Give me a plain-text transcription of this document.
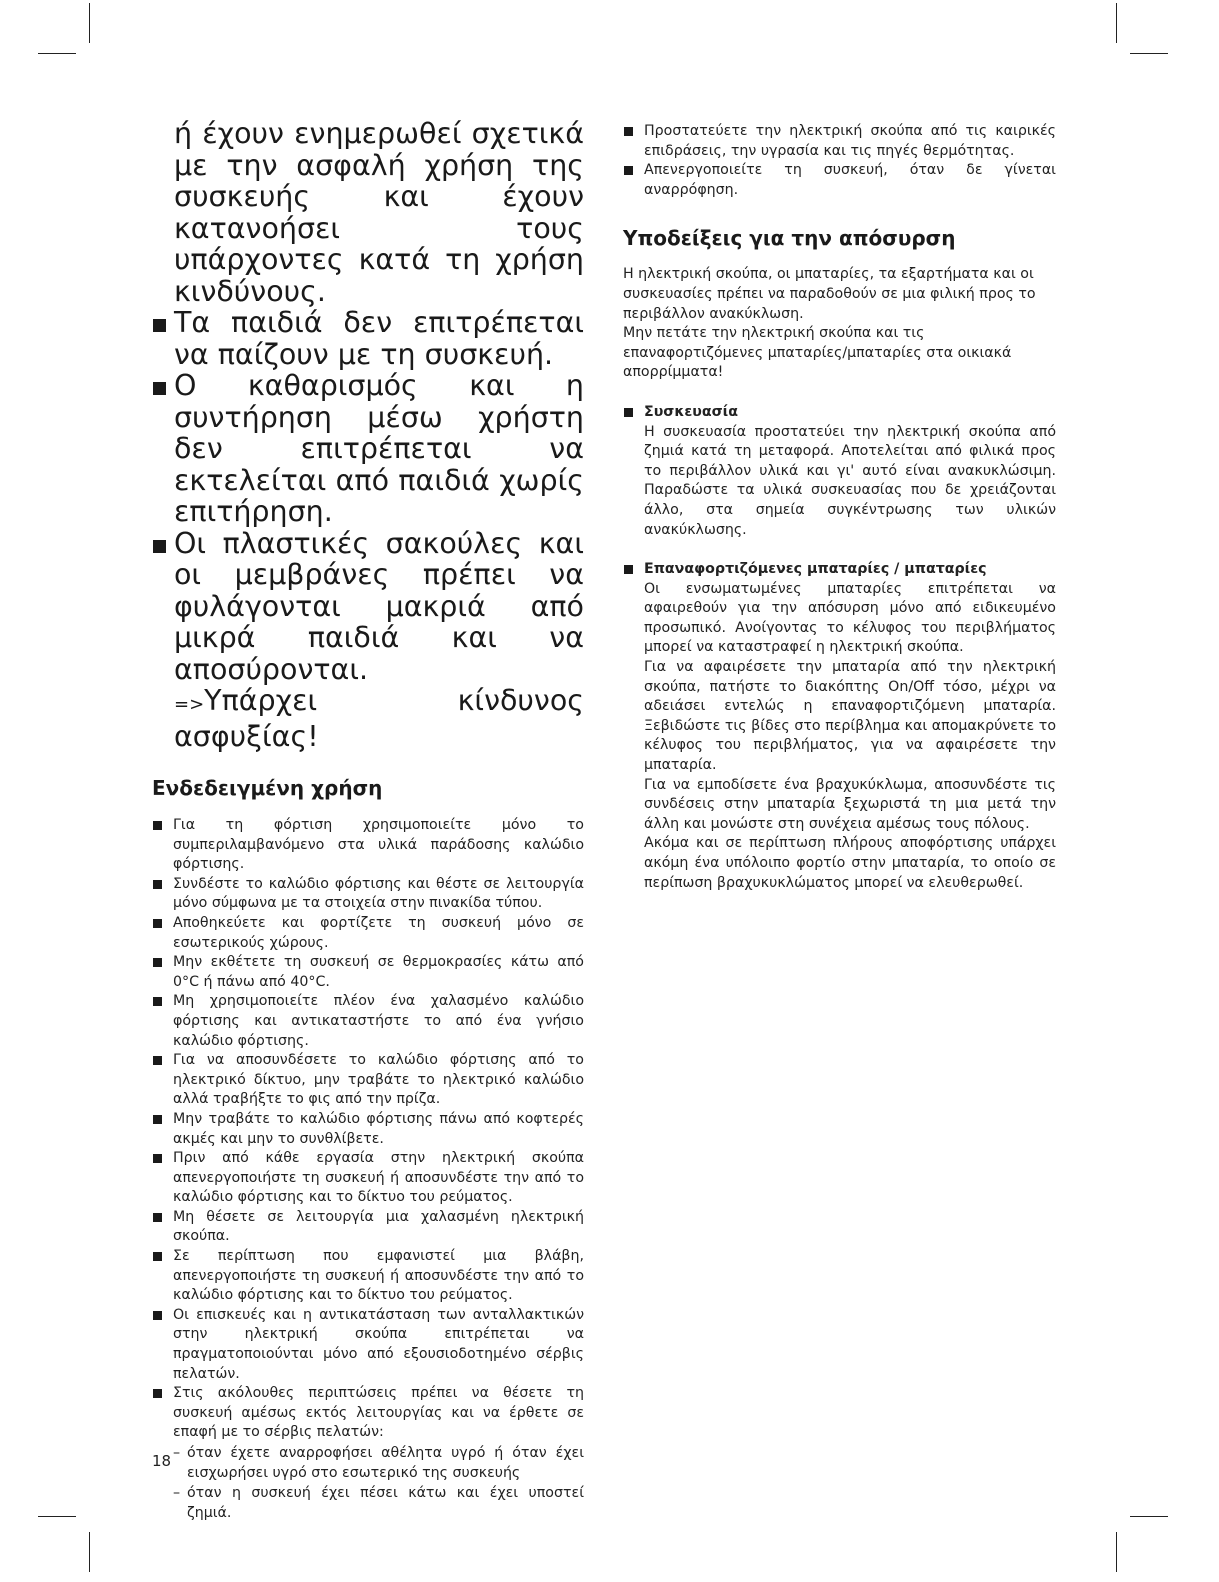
ή έχουν ενημερωθεί σχετικά με την ασφαλή χρήση της συσκευής και έχουν κατανοήσει τους υπάρχοντες κατά τη χρήση κινδύνους.
Τα παιδιά δεν επιτρέπεται να παίζουν με τη συσκευή.
Ο καθαρισμός και η συντήρηση μέσω χρήστη δεν επιτρέπεται να εκτελείται από παιδιά χωρίς επιτήρηση.
Οι πλαστικές σακούλες και οι μεμβράνες πρέπει να φυλάγονται μακριά από μικρά παιδιά και να αποσύρονται.
=>Υπάρχει κίνδυνος ασφυξίας!
Ενδεδειγμένη χρήση
Για τη φόρτιση χρησιμοποιείτε μόνο το συμπεριλαμβανόμενο στα υλικά παράδοσης καλώδιο φόρτισης.
Συνδέστε το καλώδιο φόρτισης και θέστε σε λειτουργία μόνο σύμφωνα με τα στοιχεία στην πινακίδα τύπου.
Αποθηκεύετε και φορτίζετε τη συσκευή μόνο σε εσωτερικούς χώρους.
Μην εκθέτετε τη συσκευή σε θερμοκρασίες κάτω από 0°C ή πάνω από 40°C.
Μη χρησιμοποιείτε πλέον ένα χαλασμένο καλώδιο φόρτισης και αντικαταστήστε το από ένα γνήσιο καλώδιο φόρτισης.
Για να αποσυνδέσετε το καλώδιο φόρτισης από το ηλεκτρικό δίκτυο, μην τραβάτε το ηλεκτρικό καλώδιο αλλά τραβήξτε το φις από την πρίζα.
Μην τραβάτε το καλώδιο φόρτισης πάνω από κοφτερές ακμές και μην το συνθλίβετε.
Πριν από κάθε εργασία στην ηλεκτρική σκούπα απενεργοποιήστε τη συσκευή ή αποσυνδέστε την από το καλώδιο φόρτισης και το δίκτυο του ρεύματος.
Μη θέσετε σε λειτουργία μια χαλασμένη ηλεκτρική σκούπα.
Σε περίπτωση που εμφανιστεί μια βλάβη, απενεργοποιήστε τη συσκευή ή αποσυνδέστε την από το καλώδιο φόρτισης και το δίκτυο του ρεύματος.
Οι επισκευές και η αντικατάσταση των ανταλλακτικών στην ηλεκτρική σκούπα επιτρέπεται να πραγματοποιούνται μόνο από εξουσιοδοτημένο σέρβις πελατών.
Στις ακόλουθες περιπτώσεις πρέπει να θέσετε τη συσκευή αμέσως εκτός λειτουργίας και να έρθετε σε επαφή με το σέρβις πελατών:
– όταν έχετε αναρροφήσει αθέλητα υγρό ή όταν έχει εισχωρήσει υγρό στο εσωτερικό της συσκευής
– όταν η συσκευή έχει πέσει κάτω και έχει υποστεί ζημιά.
Προστατεύετε την ηλεκτρική σκούπα από τις καιρικές επιδράσεις, την υγρασία και τις πηγές θερμότητας.
Απενεργοποιείτε τη συσκευή, όταν δε γίνεται αναρρόφηση.
Υποδείξεις για την απόσυρση

Η ηλεκτρική σκούπα, οι μπαταρίες, τα εξαρτήματα και οι συσκευασίες πρέπει να παραδοθούν σε μια φιλική προς το περιβάλλον ανακύκλωση.

Μην πετάτε την ηλεκτρική σκούπα και τις επαναφορτιζόμενες μπαταρίες/μπαταρίες στα οικιακά απορρίμματα!

Συσκευασία
Η συσκευασία προστατεύει την ηλεκτρική σκούπα από ζημιά κατά τη μεταφορά. Αποτελείται από φιλικά προς το περιβάλλον υλικά και γι' αυτό είναι ανακυκλώσιμη. Παραδώστε τα υλικά συσκευασίας που δε χρειάζονται άλλο, στα σημεία συγκέντρωσης των υλικών ανακύκλωσης.
Επαναφορτιζόμενες μπαταρίες / μπαταρίες
Οι ενσωματωμένες μπαταρίες επιτρέπεται να αφαιρεθούν για την απόσυρση μόνο από ειδικευμένο προσωπικό. Ανοίγοντας το κέλυφος του περιβλήματος μπορεί να καταστραφεί η ηλεκτρική σκούπα.
Για να αφαιρέσετε την μπαταρία από την ηλεκτρική σκούπα, πατήστε το διακόπτης On/Off τόσο, μέχρι να αδειάσει εντελώς η επαναφορτιζόμενη μπαταρία. Ξεβιδώστε τις βίδες στο περίβλημα και απομακρύνετε το κέλυφος του περιβλήματος, για να αφαιρέσετε την μπαταρία.
Για να εμποδίσετε ένα βραχυκύκλωμα, αποσυνδέστε τις συνδέσεις στην μπαταρία ξεχωριστά τη μια μετά την άλλη και μονώστε στη συνέχεια αμέσως τους πόλους.
Ακόμα και σε περίπτωση πλήρους αποφόρτισης υπάρχει ακόμη ένα υπόλοιπο φορτίο στην μπαταρία, το οποίο σε περίπωση βραχυκυκλώματος μπορεί να ελευθερωθεί.
18
